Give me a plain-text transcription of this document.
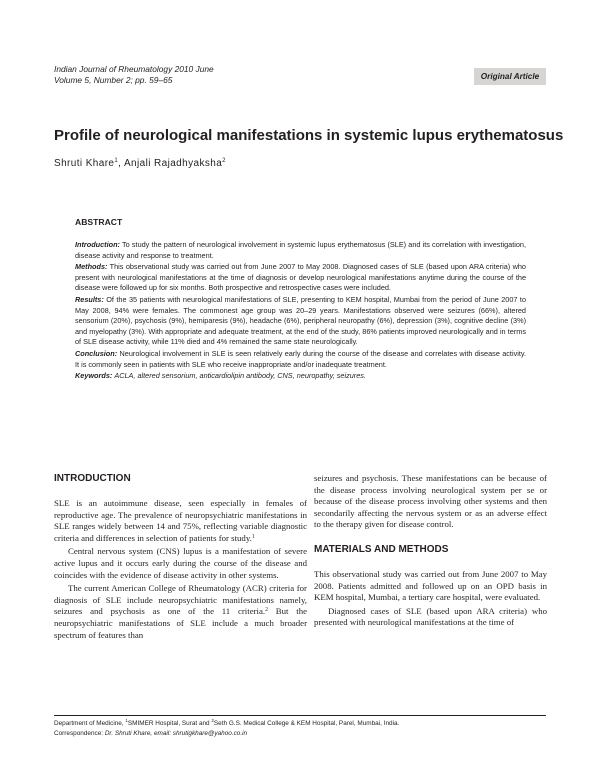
Indian Journal of Rheumatology 2010 June
Volume 5, Number 2; pp. 59–65	Original Article
Profile of neurological manifestations in systemic lupus erythematosus
Shruti Khare$^1$, Anjali Rajadhyaksha$^2$
ABSTRACT

Introduction: To study the pattern of neurological involvement in systemic lupus erythematosus (SLE) and its correlation with investigation, disease activity and response to treatment.

Methods: This observational study was carried out from June 2007 to May 2008. Diagnosed cases of SLE (based upon ARA criteria) who present with neurological manifestations at the time of diagnosis or develop neurological manifestations anytime during the course of the disease were followed up for six months. Both prospective and retrospective cases were included.

Results: Of the 35 patients with neurological manifestations of SLE, presenting to KEM hospital, Mumbai from the period of June 2007 to May 2008, 94% were females. The commonest age group was 20–29 years. Manifestations observed were seizures (66%), altered sensorium (20%), psychosis (9%), hemiparesis (9%), headache (6%), peripheral neuropathy (6%), depression (3%), cognitive decline (3%) and myelopathy (3%). With appropriate and adequate treatment, at the end of the study, 86% patients improved neurologically and in terms of SLE disease activity, while 11% died and 4% remained the same state neurologically.

Conclusion: Neurological involvement in SLE is seen relatively early during the course of the disease and correlates with disease activity. It is commonly seen in patients with SLE who receive inappropriate and/or inadequate treatment.

Keywords: ACLA, altered sensorium, anticardiolipin antibody, CNS, neuropathy, seizures.

INTRODUCTION

SLE is an autoimmune disease, seen especially in females of reproductive age. The prevalence of neuropsychiatric manifestations in SLE ranges widely between 14 and 75%, reflecting variable diagnostic criteria and differences in selection of patients for study.$^1$

Central nervous system (CNS) lupus is a manifestation of severe active lupus and it occurs early during the course of the disease and coincides with the evidence of disease activity in other systems.

The current American College of Rheumatology (ACR) criteria for diagnosis of SLE include neuropsychiatric manifestations namely, seizures and psychosis as one of the 11 criteria.$^2$ But the neuropsychiatric manifestations of SLE include a much broader spectrum of features than

seizures and psychosis. These manifestations can be because of the disease process involving neurological system per se or because of the disease process involving other systems and then secondarily affecting the nervous system or as an adverse effect to the therapy given for disease control.

MATERIALS AND METHODS

This observational study was carried out from June 2007 to May 2008. Patients admitted and followed up on an OPD basis in KEM hospital, Mumbai, a tertiary care hospital, were evaluated.

Diagnosed cases of SLE (based upon ARA criteria) who presented with neurological manifestations at the time of

Department of Medicine, $^1$SMIMER Hospital, Surat and $^2$Seth G.S. Medical College & KEM Hospital, Parel, Mumbai, India.
Correspondence: Dr. Shruti Khare, email: shrutigkhare@yahoo.co.in
